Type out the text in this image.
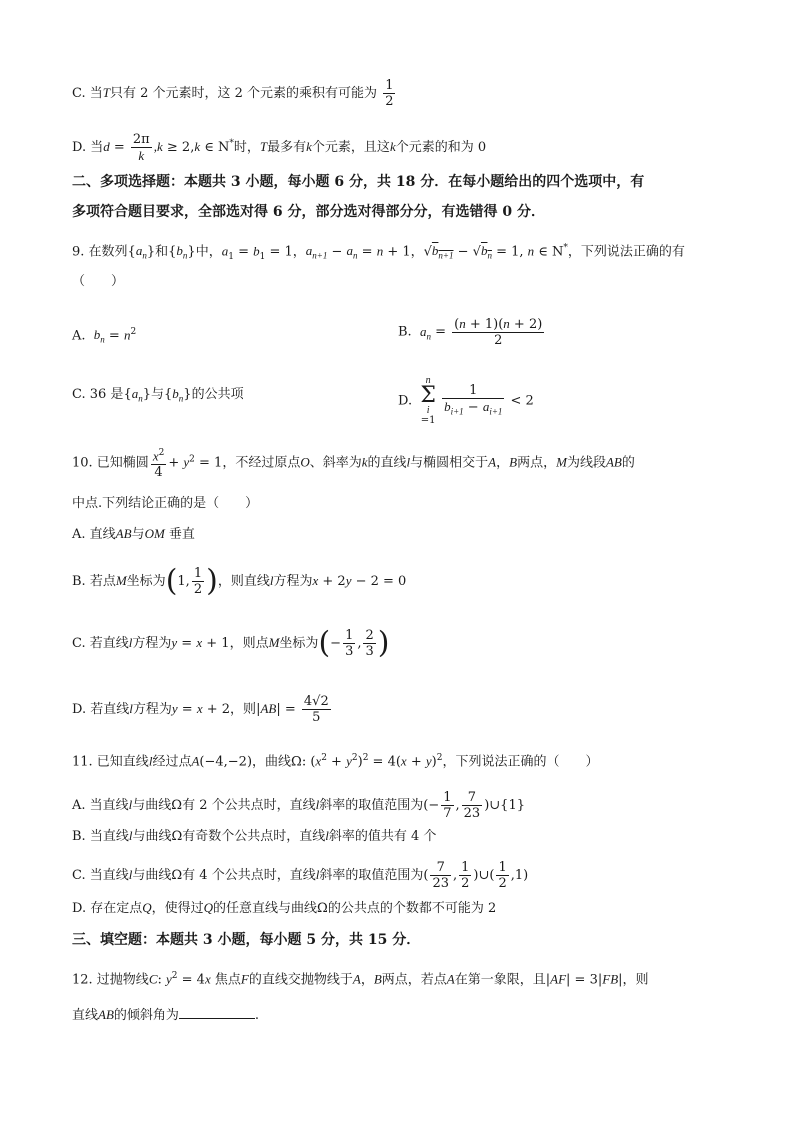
C. 当T只有 2 个元素时，这 2 个元素的乘积有可能为 $\frac{1}{2}$
D. 当$d = \frac{2\pi}{k} ,k \ge 2,k$ ∈ N*时，T最多有k个元素，且这k个元素的和为 0
二、多项选择题：本题共 3 小题，每小题 6 分，共 18 分．在每小题给出的四个选项中，有
多项符合题目要求，全部选对得 6 分，部分选对得部分分，有选错得 0 分．
9. 在数列$\{a_n\}$和$\{b_n\}$中，$a_1 = b_1 = 1$，$a_{n+1} - a_n = n + 1$，$√b_{n+1} - √b_n = 1$, n ∈ N*，下列说法正确的有
（　　）
A. $b_n = n^2$	B. $a_n = \frac{(n + 1)(n + 2)}{2}$
C. 36 是$\{a_n\}$与$\{b_n\}$的公共项	D.
n
Σ
i
=1

$\frac{1}{b_{i+1} - a_{i+1}} < 2$
10. 已知椭圆 $\frac{x^2}{4} + y^2 = 1$，不经过原点O、斜率为k的直线l与椭圆相交于A，B两点，M为线段AB的
中点.下列结论正确的是（　　）
A. 直线AB与OM 垂直
B. 若点M坐标为(1, $\frac{1}{2}$ )，则直线l方程为x + 2y − 2 = 0
C. 若直线l方程为y = x + 1，则点M坐标为(− $\frac{1}{3}$ , $\frac{2}{3}$ )
D. 若直线l方程为y = x + 2，则$|AB| = \frac{4√2}{5}$
11. 已知直线l经过点A(−4,−2)，曲线Ω: $(x^2 + y^2)^2 = 4(x + y)^2$，下列说法正确的（　　）
A. 当直线l与曲线Ω有 2 个公共点时，直线l斜率的取值范围为(− $\frac{1}{7}$ , $\frac{7}{23}$ )∪{1}
B. 当直线l与曲线Ω有奇数个公共点时，直线l斜率的值共有 4 个
C. 当直线l与曲线Ω有 4 个公共点时，直线l斜率的取值范围为( $\frac{7}{23}$ , $\frac{1}{2}$ )∪( $\frac{1}{2} ,1$)
D. 存在定点Q，使得过Q的任意直线与曲线Ω的公共点的个数都不可能为 2
三、填空题：本题共 3 小题，每小题 5 分，共 15 分．
12. 过抛物线C: $y^2 = 4x$ 焦点F的直线交抛物线于A，B两点，若点A在第一象限，且|AF| = 3|FB|，则
直线AB的倾斜角为	.
